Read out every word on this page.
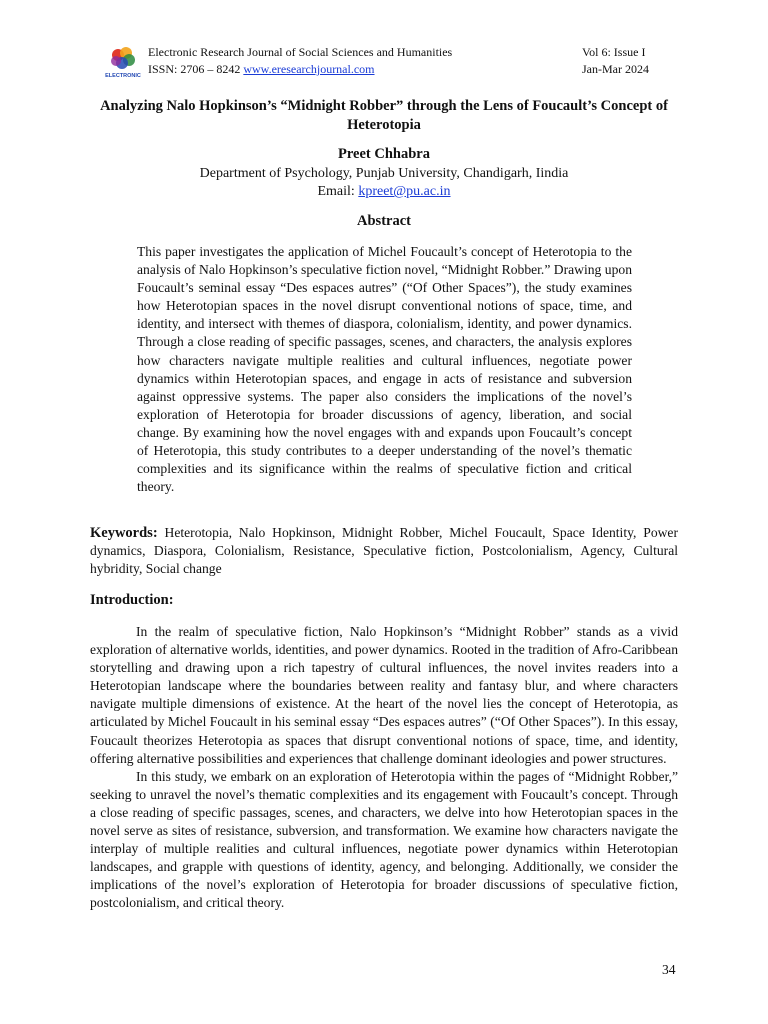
ELECTRONIC
Electronic Research Journal of Social Sciences and Humanities
ISSN: 2706 – 8242 www.eresearchjournal.com
Vol 6: Issue I
Jan-Mar 2024
Analyzing Nalo Hopkinson’s “Midnight Robber” through the Lens of Foucault’s Concept of Heterotopia
Preet Chhabra
Department of Psychology, Punjab University, Chandigarh, Iindia
Email: kpreet@pu.ac.in
Abstract

This paper investigates the application of Michel Foucault’s concept of Heterotopia to the analysis of Nalo Hopkinson’s speculative fiction novel, “Midnight Robber.” Drawing upon Foucault’s seminal essay “Des espaces autres” (“Of Other Spaces”), the study examines how Heterotopian spaces in the novel disrupt conventional notions of space, time, and identity, and intersect with themes of diaspora, colonialism, identity, and power dynamics. Through a close reading of specific passages, scenes, and characters, the analysis explores how characters navigate multiple realities and cultural influences, negotiate power dynamics within Heterotopian spaces, and engage in acts of resistance and subversion against oppressive systems. The paper also considers the implications of the novel’s exploration of Heterotopia for broader discussions of agency, liberation, and social change. By examining how the novel engages with and expands upon Foucault’s concept of Heterotopia, this study contributes to a deeper understanding of the novel’s thematic complexities and its significance within the realms of speculative fiction and critical theory.

Keywords: Heterotopia, Nalo Hopkinson, Midnight Robber, Michel Foucault, Space Identity, Power dynamics, Diaspora, Colonialism, Resistance, Speculative fiction, Postcolonialism, Agency, Cultural hybridity, Social change

Introduction:

In the realm of speculative fiction, Nalo Hopkinson’s “Midnight Robber” stands as a vivid exploration of alternative worlds, identities, and power dynamics. Rooted in the tradition of Afro-Caribbean storytelling and drawing upon a rich tapestry of cultural influences, the novel invites readers into a Heterotopian landscape where the boundaries between reality and fantasy blur, and where characters navigate multiple dimensions of existence. At the heart of the novel lies the concept of Heterotopia, as articulated by Michel Foucault in his seminal essay “Des espaces autres” (“Of Other Spaces”). In this essay, Foucault theorizes Heterotopia as spaces that disrupt conventional notions of space, time, and identity, offering alternative possibilities and experiences that challenge dominant ideologies and power structures.

In this study, we embark on an exploration of Heterotopia within the pages of “Midnight Robber,” seeking to unravel the novel’s thematic complexities and its engagement with Foucault’s concept. Through a close reading of specific passages, scenes, and characters, we delve into how Heterotopian spaces in the novel serve as sites of resistance, subversion, and transformation. We examine how characters navigate the interplay of multiple realities and cultural influences, negotiate power dynamics within Heterotopian landscapes, and grapple with questions of identity, agency, and belonging. Additionally, we consider the implications of the novel’s exploration of Heterotopia for broader discussions of speculative fiction, postcolonialism, and critical theory.

34
